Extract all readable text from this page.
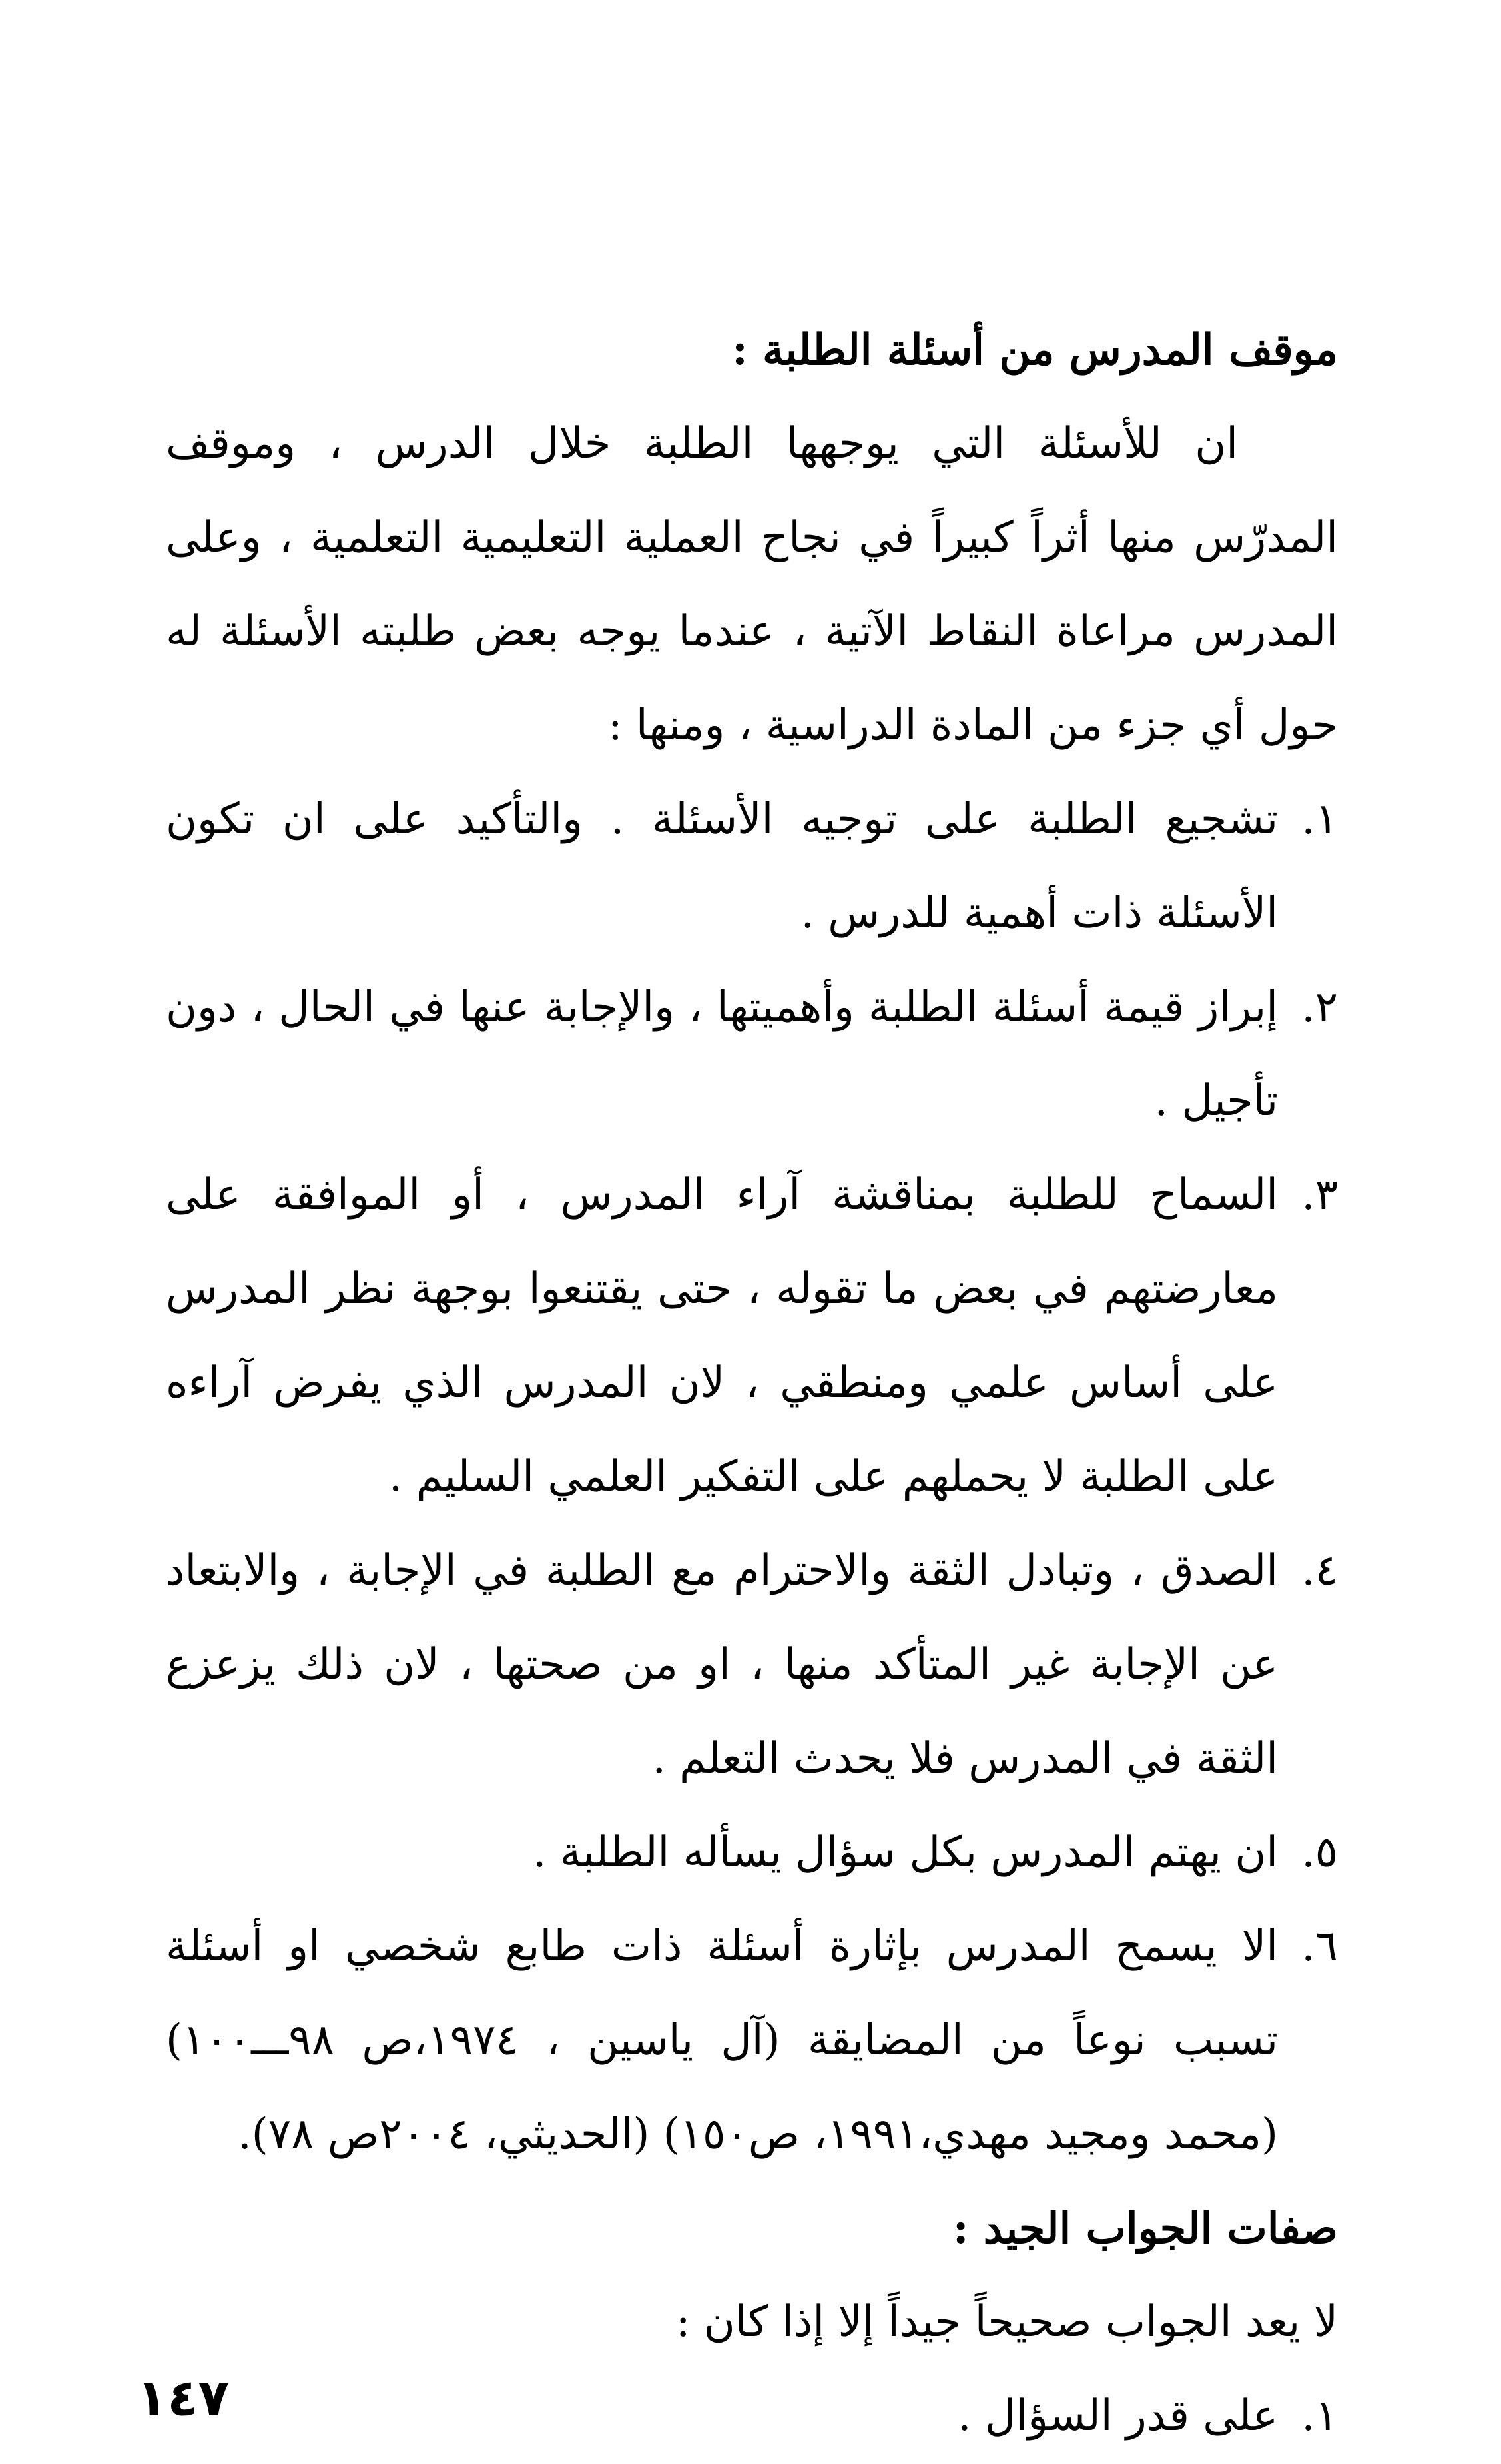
موقف المدرس من أسئلة الطلبة :

ان للأسئلة التي يوجهها الطلبة خلال الدرس ، وموقف المدرّس منها أثراً كبيراً في نجاح العملية التعليمية التعلمية ، وعلى المدرس مراعاة النقاط الآتية ، عندما يوجه بعض طلبته الأسئلة له حول أي جزء من المادة الدراسية ، ومنها :

١.
تشجيع الطلبة على توجيه الأسئلة . والتأكيد على ان تكون الأسئلة ذات أهمية للدرس .
٢.
إبراز قيمة أسئلة الطلبة وأهميتها ، والإجابة عنها في الحال ، دون تأجيل .
٣.
السماح للطلبة بمناقشة آراء المدرس ، أو الموافقة على معارضتهم في بعض ما تقوله ، حتى يقتنعوا بوجهة نظر المدرس على أساس علمي ومنطقي ، لان المدرس الذي يفرض آراءه على الطلبة لا يحملهم على التفكير العلمي السليم .
٤.
الصدق ، وتبادل الثقة والاحترام مع الطلبة في الإجابة ، والابتعاد عن الإجابة غير المتأكد منها ، او من صحتها ، لان ذلك يزعزع الثقة في المدرس فلا يحدث التعلم .
٥.
ان يهتم المدرس بكل سؤال يسأله الطلبة .
٦.
الا يسمح المدرس بإثارة أسئلة ذات طابع شخصي او أسئلة تسبب نوعاً من المضايقة (آل ياسين ، ١٩٧٤،ص ٩٨ـــ١٠٠) (محمد ومجيد مهدي،١٩٩١، ص١٥٠) (الحديثي، ٢٠٠٤ص ٧٨).
صفات الجواب الجيد :

لا يعد الجواب صحيحاً جيداً إلا إذا كان :

١.
على قدر السؤال .
١٤٧
